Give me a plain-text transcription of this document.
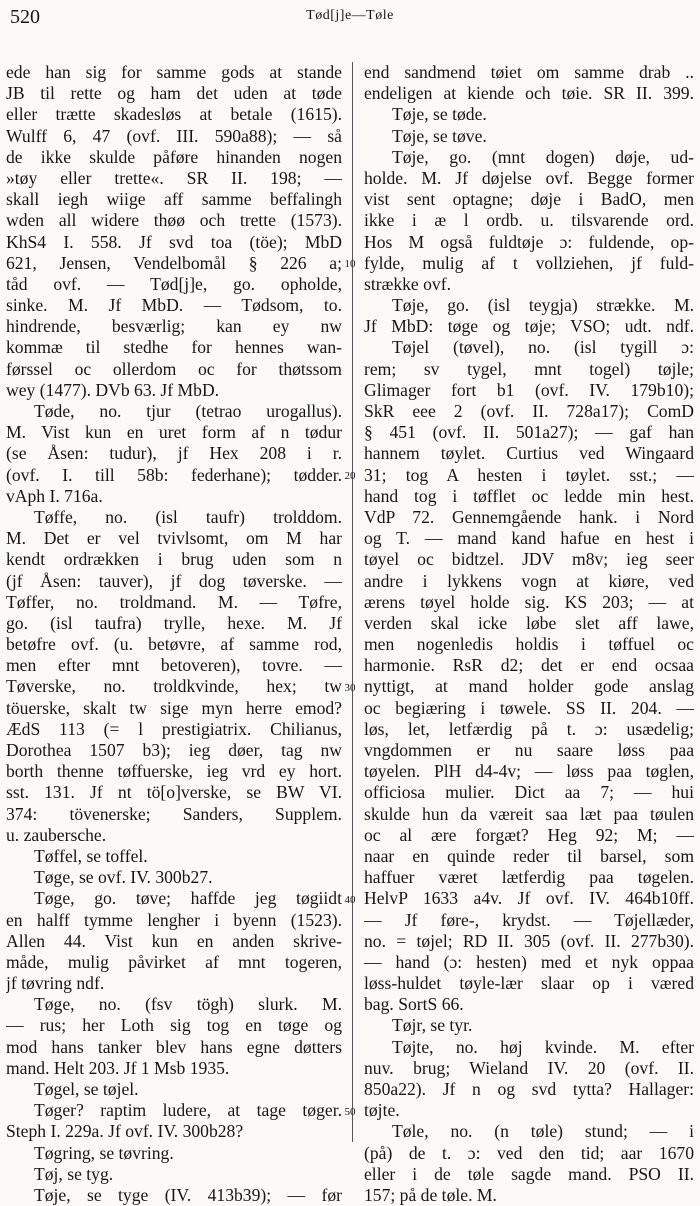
520	Tød[j]e—Tøle
ede han sig for samme gods at stande
JB til rette og ham det uden at tøde
eller trætte skadesløs at betale (1615).
Wulff 6, 47 (ovf. III. 590a88); — så
de ikke skulde påføre hinanden nogen
»tøy eller trette«. SR II. 198; —
skall iegh wiige aff samme beffalingh
wden all widere thøø och trette (1573).
KhS4 I. 558. Jf svd toa (töe); MbD
621, Jensen, Vendelbomål § 226 a;
tåd ovf. — Tød[j]e, go. opholde,
sinke. M. Jf MbD. — Tødsom, to.
hindrende, besværlig; kan ey nw
kommæ til stedhe for hennes wan-
førssel oc ollerdom oc for thøtssom
wey (1477). DVb 63. Jf MbD.
Tøde, no. tjur (tetrao urogallus).
M. Vist kun en uret form af n tødur
(se Åsen: tudur), jf Hex 208 i r.
(ovf. I. till 58b: federhane); tødder.
vAph I. 716a.
Tøffe, no. (isl taufr) trolddom.
M. Det er vel tvivlsomt, om M har
kendt ordrækken i brug uden som n
(jf Åsen: tauver), jf dog tøverske. —
Tøffer, no. troldmand. M. — Tøfre,
go. (isl taufra) trylle, hexe. M. Jf
betøfre ovf. (u. betøvre, af samme rod,
men efter mnt betoveren), tovre. —
Tøverske, no. troldkvinde, hex; tw
töuerske, skalt tw sige myn herre emod?
ÆdS 113 (= l prestigiatrix. Chilianus,
Dorothea 1507 b3); ieg døer, tag nw
borth thenne tøffuerske, ieg vrd ey hort.
sst. 131. Jf nt tö[o]verske, se BW VI.
374: tövenerske; Sanders, Supplem.
u. zaubersche.
Tøffel, se toffel.
Tøge, se ovf. IV. 300b27.
Tøge, go. tøve; haffde jeg tøgiidt
en halff tymme lengher i byenn (1523).
Allen 44. Vist kun en anden skrive-
måde, mulig påvirket af mnt togeren,
jf tøvring ndf.
Tøge, no. (fsv tögh) slurk. M.
— rus; her Loth sig tog en tøge og
mod hans tanker blev hans egne døtters
mand. Helt 203. Jf 1 Msb 1935.
Tøgel, se tøjel.
Tøger? raptim ludere, at tage tøger.
Steph I. 229a. Jf ovf. IV. 300b28?
Tøgring, se tøvring.
Tøj, se tyg.
Tøje, se tyge (IV. 413b39); — før
10
20
30
40
50
end sandmend tøiet om samme drab ..
endeligen at kiende och tøie. SR II. 399.
Tøje, se tøde.
Tøje, se tøve.
Tøje, go. (mnt dogen) døje, ud-
holde. M. Jf døjelse ovf. Begge former
vist sent optagne; døje i BadO, men
ikke i æ l ordb. u. tilsvarende ord.
Hos M også fuldtøje ɔ: fuldende, op-
fylde, mulig af t vollziehen, jf fuld-
strække ovf.
Tøje, go. (isl teygja) strække. M.
Jf MbD: tøge og tøje; VSO; udt. ndf.
Tøjel (tøvel), no. (isl tygill ɔ:
rem; sv tygel, mnt togel) tøjle;
Glimager fort b1 (ovf. IV. 179b10);
SkR eee 2 (ovf. II. 728a17); ComD
§ 451 (ovf. II. 501a27); — gaf han
hannem tøylet. Curtius ved Wingaard
31; tog A hesten i tøylet. sst.; —
hand tog i tøfflet oc ledde min hest.
VdP 72. Gennemgående hank. i Nord
og T. — mand kand hafue en hest i
tøyel oc bidtzel. JDV m8v; ieg seer
andre i lykkens vogn at kiøre, ved
ærens tøyel holde sig. KS 203; — at
verden skal icke løbe slet aff lawe,
men nogenledis holdis i tøffuel oc
harmonie. RsR d2; det er end ocsaa
nyttigt, at mand holder gode anslag
oc begiæring i tøwele. SS II. 204. —
løs, let, letfærdig på t. ɔ: usædelig;
vngdommen er nu saare løss paa
tøyelen. PlH d4-4v; — løss paa tøglen,
officiosa mulier. Dict aa 7; — hui
skulde hun da væreit saa læt paa tøulen
oc al ære forgæt? Heg 92; M; —
naar en quinde reder til barsel, som
haffuer været lætferdig paa tøgelen.
HelvP 1633 a4v. Jf ovf. IV. 464b10ff.
— Jf føre-, krydst. — Tøjellæder,
no. = tøjel; RD II. 305 (ovf. II. 277b30).
— hand (ɔ: hesten) med et nyk oppaa
løss-huldet tøyle-lær slaar op i væred
bag. SortS 66.
Tøjr, se tyr.
Tøjte, no. høj kvinde. M. efter
nuv. brug; Wieland IV. 20 (ovf. II.
850a22). Jf n og svd tytta? Hallager:
tøjte.
Tøle, no. (n tøle) stund; — i
(på) de t. ɔ: ved den tid; aar 1670
eller i de tøle sagde mand. PSO II.
157; på de tøle. M.
